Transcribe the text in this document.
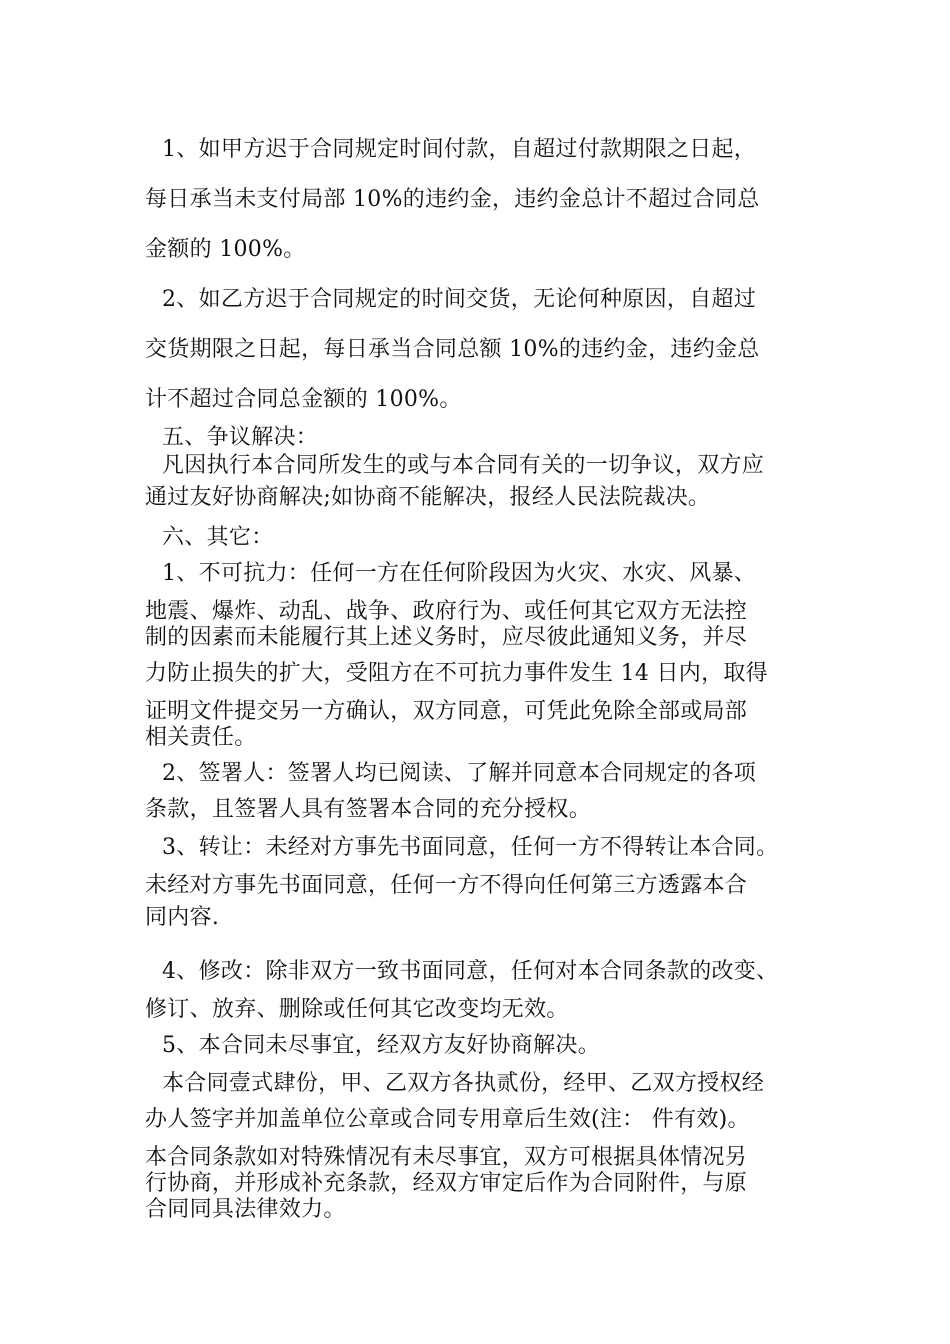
1、如甲方迟于合同规定时间付款，自超过付款期限之日起，
每日承当未支付局部 10%的违约金，违约金总计不超过合同总
金额的 100%。
2、如乙方迟于合同规定的时间交货，无论何种原因，自超过
交货期限之日起，每日承当合同总额 10%的违约金，违约金总
计不超过合同总金额的 100%。
五、争议解决：
凡因执行本合同所发生的或与本合同有关的一切争议，双方应
通过友好协商解决;如协商不能解决，报经人民法院裁决。
六、其它：
1、不可抗力：任何一方在任何阶段因为火灾、水灾、风暴、
地震、爆炸、动乱、战争、政府行为、或任何其它双方无法控
制的因素而未能履行其上述义务时，应尽彼此通知义务，并尽
力防止损失的扩大，受阻方在不可抗力事件发生 14 日内，取得
证明文件提交另一方确认，双方同意，可凭此免除全部或局部
相关责任。
2、签署人：签署人均已阅读、了解并同意本合同规定的各项
条款，且签署人具有签署本合同的充分授权。
3、转让：未经对方事先书面同意，任何一方不得转让本合同。
未经对方事先书面同意，任何一方不得向任何第三方透露本合
同内容.
4、修改：除非双方一致书面同意，任何对本合同条款的改变、
修订、放弃、删除或任何其它改变均无效。
5、本合同未尽事宜，经双方友好协商解决。
本合同壹式肆份，甲、乙双方各执贰份，经甲、乙双方授权经
办人签字并加盖单位公章或合同专用章后生效(注： 件有效)。
本合同条款如对特殊情况有未尽事宜，双方可根据具体情况另
行协商，并形成补充条款，经双方审定后作为合同附件，与原
合同同具法律效力。
